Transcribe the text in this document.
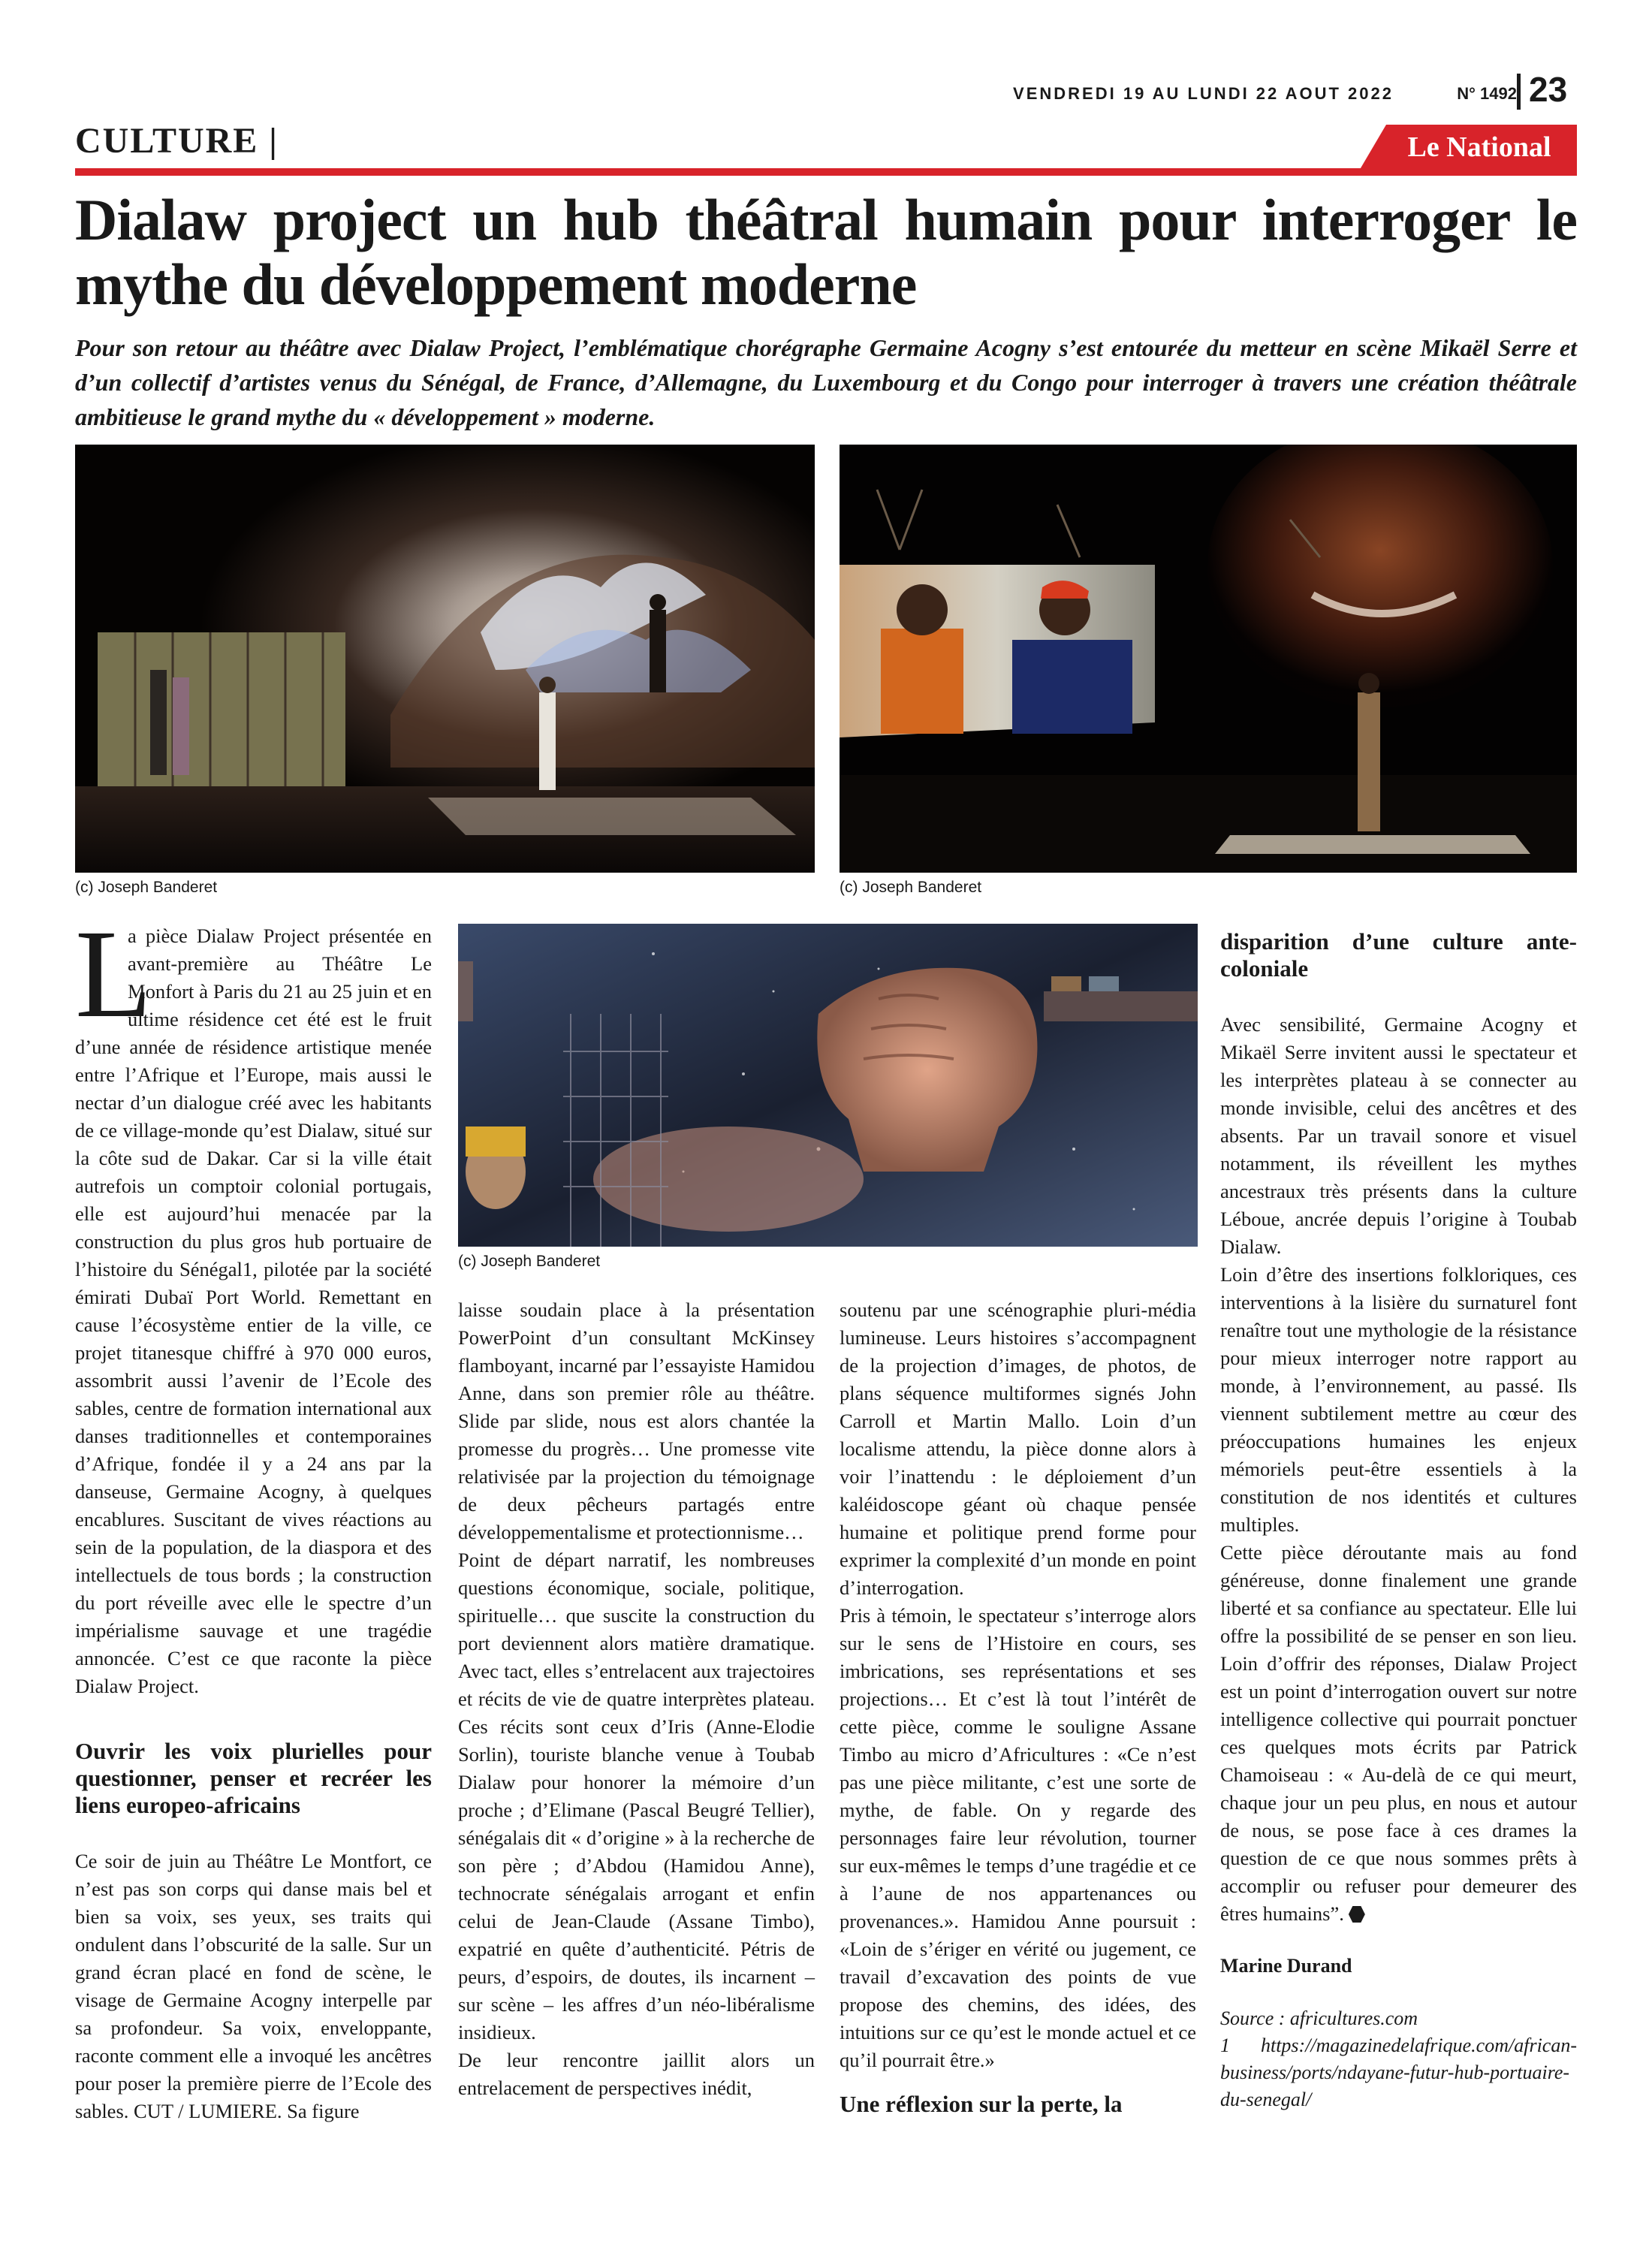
VENDREDI 19 AU LUNDI 22 AOUT 2022	N° 1492 23
CULTURE |	Le National
Dialaw project un hub théâtral humain pour interroger le mythe du développement moderne
Pour son retour au théâtre avec Dialaw Project, l’emblématique chorégraphe Germaine Acogny s’est entourée du metteur en scène Mikaël Serre et d’un collectif d’artistes venus du Sénégal, de France, d’Allemagne, du Luxembourg et du Congo pour interroger à travers une création théâtrale ambitieuse le grand mythe du « développement » moderne.
(c) Joseph Banderet	(c) Joseph Banderet
(c) Joseph Banderet
L

a pièce Dialaw Project présentée en avant-première au Théâtre Le Monfort à Paris du 21 au 25 juin et en ultime résidence cet été est le fruit d’une année de résidence artistique menée entre l’Afrique et l’Europe, mais aussi le nectar d’un dialogue créé avec les habitants de ce village-monde qu’est Dialaw, situé sur la côte sud de Dakar. Car si la ville était autrefois un comptoir colonial portugais, elle est aujourd’hui menacée par la construction du plus gros hub portuaire de l’histoire du Sénégal1, pilotée par la société émirati Dubaï Port World. Remettant en cause l’écosystème entier de la ville, ce projet titanesque chiffré à 970 000 euros, assombrit aussi l’avenir de l’Ecole des sables, centre de formation international aux danses traditionnelles et contemporaines d’Afrique, fondée il y a 24 ans par la danseuse, Germaine Acogny, à quelques encablures. Suscitant de vives réactions au sein de la population, de la diaspora et des intellectuels de tous bords ; la construction du port réveille avec elle le spectre d’un impérialisme sauvage et une tragédie annoncée. C’est ce que raconte la pièce Dialaw Project.

Ouvrir les voix plurielles pour questionner, penser et recréer les liens europeo-africains

Ce soir de juin au Théâtre Le Montfort, ce n’est pas son corps qui danse mais bel et bien sa voix, ses yeux, ses traits qui ondulent dans l’obscurité de la salle. Sur un grand écran placé en fond de scène, le visage de Germaine Acogny interpelle par sa profondeur. Sa voix, enveloppante, raconte comment elle a invoqué les ancêtres pour poser la première pierre de l’Ecole des sables. CUT / LUMIERE. Sa figure

laisse soudain place à la présentation PowerPoint d’un consultant McKinsey flamboyant, incarné par l’essayiste Hamidou Anne, dans son premier rôle au théâtre. Slide par slide, nous est alors chantée la promesse du progrès… Une promesse vite relativisée par la projection du témoignage de deux pêcheurs partagés entre développementalisme et protectionnisme…

Point de départ narratif, les nombreuses questions économique, sociale, politique, spirituelle… que suscite la construction du port deviennent alors matière dramatique. Avec tact, elles s’entrelacent aux trajectoires et récits de vie de quatre interprètes plateau. Ces récits sont ceux d’Iris (Anne-Elodie Sorlin), touriste blanche venue à Toubab Dialaw pour honorer la mémoire d’un proche ; d’Elimane (Pascal Beugré Tellier), sénégalais dit « d’origine » à la recherche de son père ; d’Abdou (Hamidou Anne), technocrate sénégalais arrogant et enfin celui de Jean-Claude (Assane Timbo), expatrié en quête d’authenticité. Pétris de peurs, d’espoirs, de doutes, ils incarnent – sur scène – les affres d’un néo-libéralisme insidieux.

De leur rencontre jaillit alors un entrelacement de perspectives inédit,

soutenu par une scénographie pluri-média lumineuse. Leurs histoires s’accompagnent de la projection d’images, de photos, de plans séquence multiformes signés John Carroll et Martin Mallo. Loin d’un localisme attendu, la pièce donne alors à voir l’inattendu : le déploiement d’un kaléidoscope géant où chaque pensée humaine et politique prend forme pour exprimer la complexité d’un monde en point d’interrogation.

Pris à témoin, le spectateur s’interroge alors sur le sens de l’Histoire en cours, ses imbrications, ses représentations et ses projections… Et c’est là tout l’intérêt de cette pièce, comme le souligne Assane Timbo au micro d’Africultures : «Ce n’est pas une pièce militante, c’est une sorte de mythe, de fable. On y regarde des personnages faire leur révolution, tourner sur eux-mêmes le temps d’une tragédie et ce à l’aune de nos appartenances ou provenances.». Hamidou Anne poursuit : «Loin de s’ériger en vérité ou jugement, ce travail d’excavation des points de vue propose des chemins, des idées, des intuitions sur ce qu’est le monde actuel et ce qu’il pourrait être.»

Une réflexion sur la perte, la
disparition d’une culture ante-coloniale

Avec sensibilité, Germaine Acogny et Mikaël Serre invitent aussi le spectateur et les interprètes plateau à se connecter au monde invisible, celui des ancêtres et des absents. Par un travail sonore et visuel notamment, ils réveillent les mythes ancestraux très présents dans la culture Léboue, ancrée depuis l’origine à Toubab Dialaw.

Loin d’être des insertions folkloriques, ces interventions à la lisière du surnaturel font renaître tout une mythologie de la résistance pour mieux interroger notre rapport au monde, à l’environnement, au passé. Ils viennent subtilement mettre au cœur des préoccupations humaines les enjeux mémoriels peut-être essentiels à la constitution de nos identités et cultures multiples.

Cette pièce déroutante mais au fond généreuse, donne finalement une grande liberté et sa confiance au spectateur. Elle lui offre la possibilité de se penser en son lieu. Loin d’offrir des réponses, Dialaw Project est un point d’interrogation ouvert sur notre intelligence collective qui pourrait ponctuer ces quelques mots écrits par Patrick Chamoiseau : « Au-delà de ce qui meurt, chaque jour un peu plus, en nous et autour de nous, se pose face à ces drames la question de ce que nous sommes prêts à accomplir ou refuser pour demeurer des êtres humains”.

Marine Durand
Source : africultures.com
1 https://magazinedelafrique.com/african-business/ports/ndayane-futur-hub-portuaire-du-senegal/
